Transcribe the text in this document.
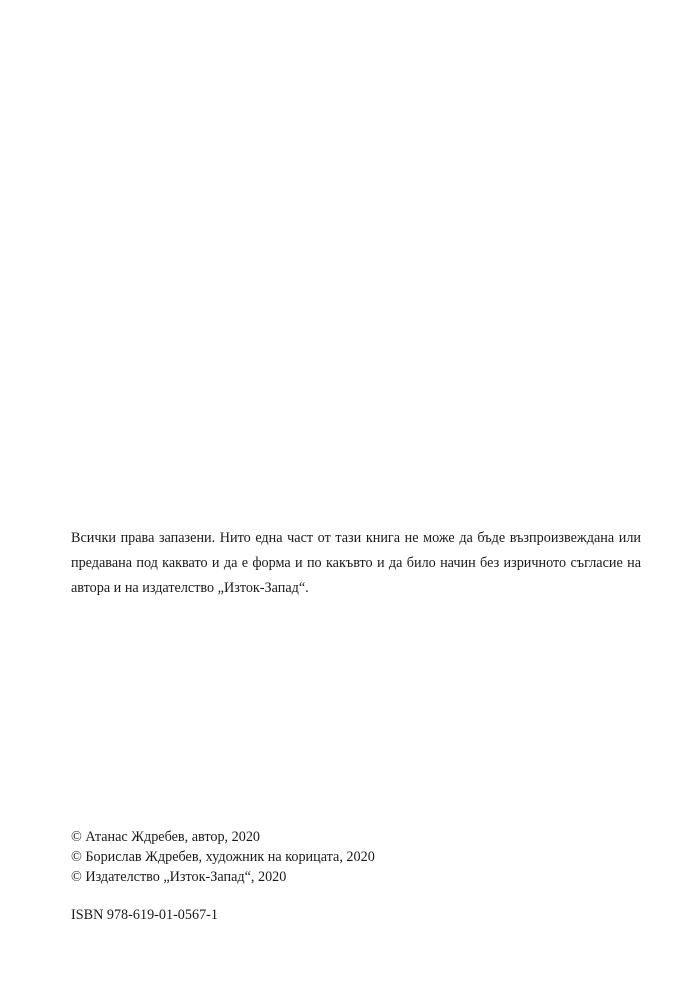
Всички права запазени. Нито една част от тази книга не може да бъде възпроизвеждана или предавана под каквато и да е форма и по какъвто и да било начин без изричното съгласие на автора и на издателство „Изток-Запад“.

© Атанас Ждребев, автор, 2020
© Борислав Ждребев, художник на корицата, 2020
© Издателство „Изток-Запад“, 2020

ISBN 978-619-01-0567-1
